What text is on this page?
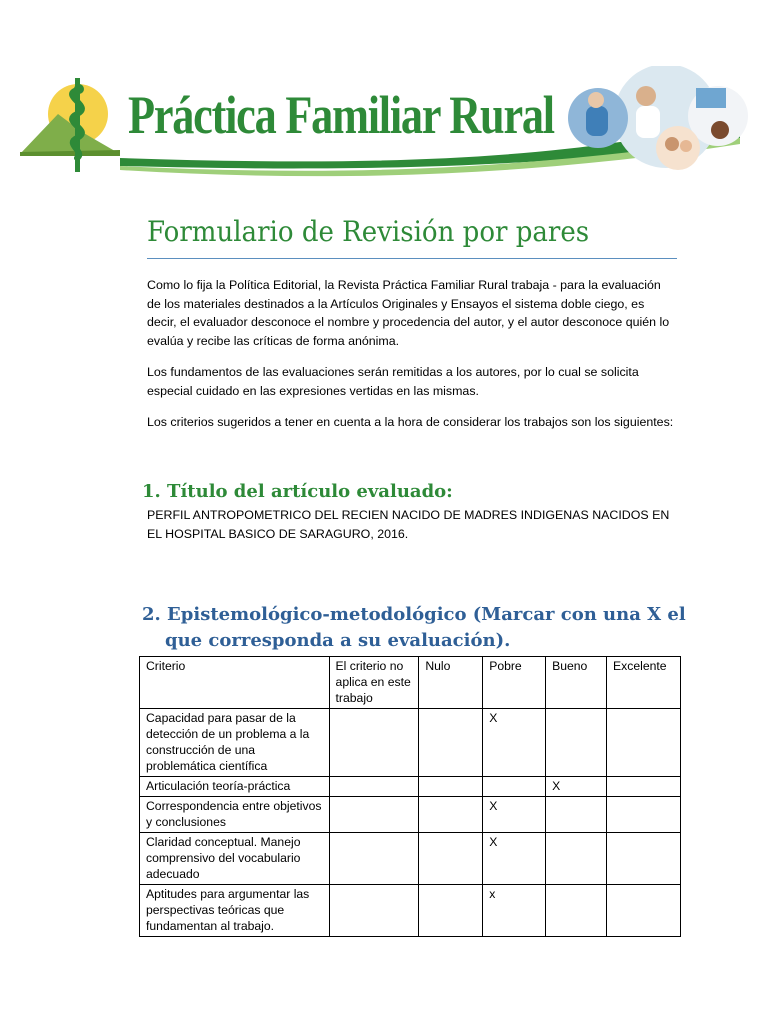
Práctica Familiar Rural
Formulario de Revisión por pares

Como lo fija la Política Editorial, la Revista Práctica Familiar Rural trabaja - para la evaluación de los materiales destinados a la Artículos Originales y Ensayos el sistema doble ciego, es decir, el evaluador desconoce el nombre y procedencia del autor, y el autor desconoce quién lo evalúa y recibe las críticas de forma anónima.

Los fundamentos de las evaluaciones serán remitidas a los autores, por lo cual se solicita especial cuidado en las expresiones vertidas en las mismas.

Los criterios sugeridos a tener en cuenta a la hora de considerar los trabajos son los siguientes:

1. Título del artículo evaluado:

PERFIL ANTROPOMETRICO DEL RECIEN NACIDO DE MADRES INDIGENAS NACIDOS EN EL HOSPITAL BASICO DE SARAGURO, 2016.

2. Epistemológico-metodológico (Marcar con una X el
que corresponda a su evaluación).
Criterio	El criterio no aplica en este trabajo	Nulo	Pobre	Bueno	Excelente
Capacidad para pasar de la detección de un problema a la construcción de una problemática científica			X		
Articulación teoría-práctica				X	
Correspondencia entre objetivos y conclusiones			X		
Claridad conceptual. Manejo comprensivo del vocabulario adecuado			X		
Aptitudes para argumentar las perspectivas teóricas que fundamentan al trabajo.			x		
